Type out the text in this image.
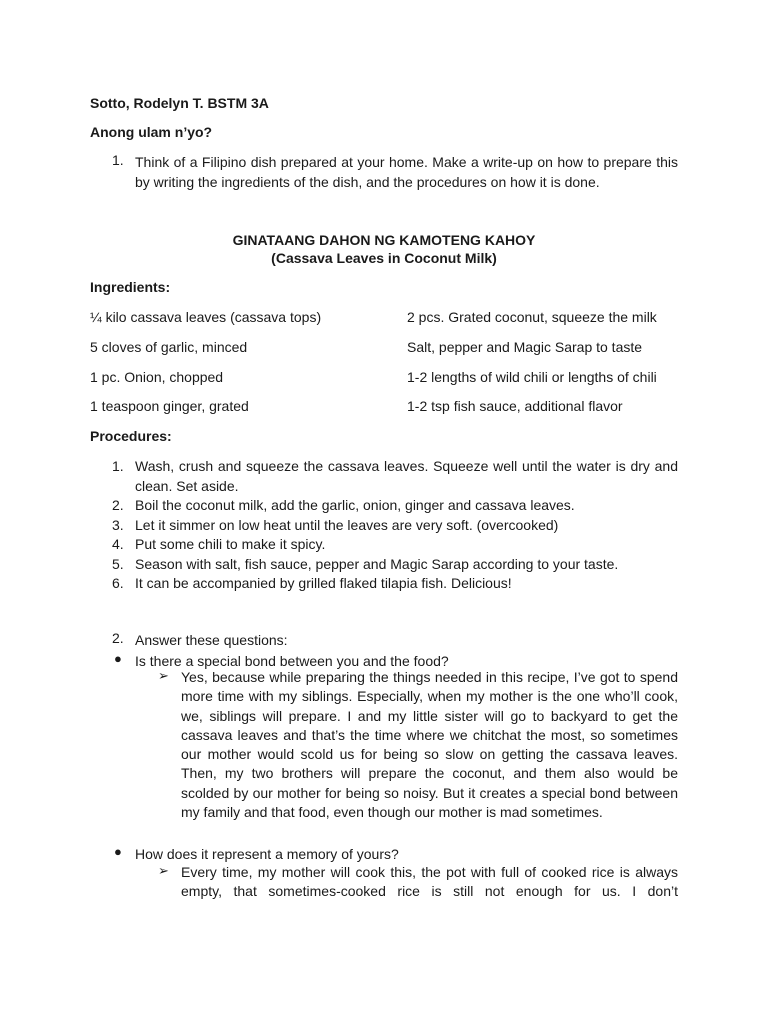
Sotto, Rodelyn T. BSTM 3A
Anong ulam n’yo?
1. Think of a Filipino dish prepared at your home. Make a write-up on how to prepare this by writing the ingredients of the dish, and the procedures on how it is done.
GINATAANG DAHON NG KAMOTENG KAHOY
(Cassava Leaves in Coconut Milk)
Ingredients:
¼ kilo cassava leaves (cassava tops)
5 cloves of garlic, minced
1 pc. Onion, chopped
1 teaspoon ginger, grated
2 pcs. Grated coconut, squeeze the milk
Salt, pepper and Magic Sarap to taste
1-2 lengths of wild chili or lengths of chili
1-2 tsp fish sauce, additional flavor
Procedures:
1. Wash, crush and squeeze the cassava leaves. Squeeze well until the water is dry and clean. Set aside.
2. Boil the coconut milk, add the garlic, onion, ginger and cassava leaves.
3. Let it simmer on low heat until the leaves are very soft. (overcooked)
4. Put some chili to make it spicy.
5. Season with salt, fish sauce, pepper and Magic Sarap according to your taste.
6. It can be accompanied by grilled flaked tilapia fish. Delicious!
2. Answer these questions:
● Is there a special bond between you and the food?
➢ Yes, because while preparing the things needed in this recipe, I’ve got to spend more time with my siblings. Especially, when my mother is the one who’ll cook, we, siblings will prepare. I and my little sister will go to backyard to get the cassava leaves and that’s the time where we chitchat the most, so sometimes our mother would scold us for being so slow on getting the cassava leaves. Then, my two brothers will prepare the coconut, and them also would be scolded by our mother for being so noisy. But it creates a special bond between my family and that food, even though our mother is mad sometimes.
● How does it represent a memory of yours?
➢ Every time, my mother will cook this, the pot with full of cooked rice is always empty, that sometimes-cooked rice is still not enough for us. I don’t
